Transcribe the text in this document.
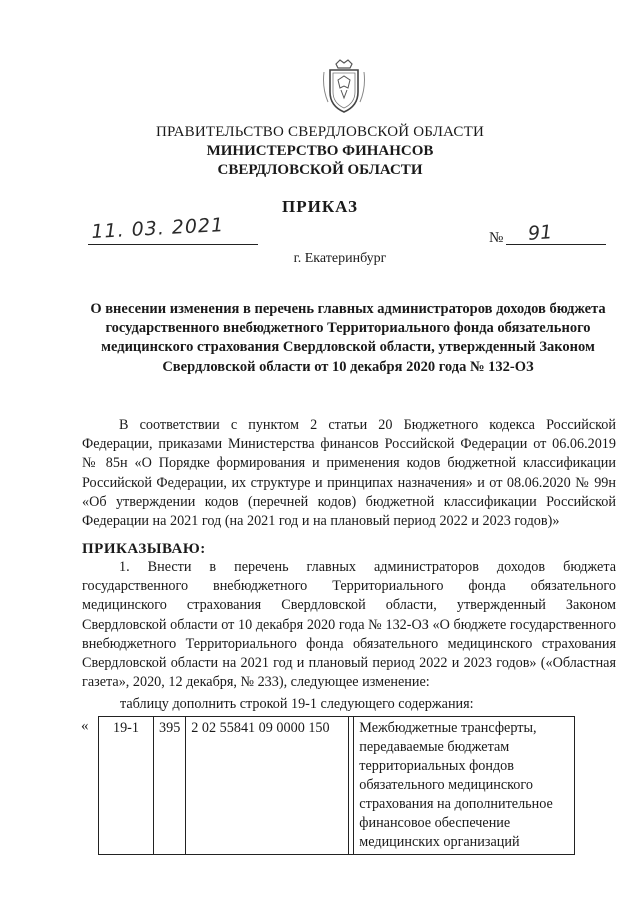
ПРАВИТЕЛЬСТВО СВЕРДЛОВСКОЙ ОБЛАСТИ
МИНИСТЕРСТВО ФИНАНСОВ
СВЕРДЛОВСКОЙ ОБЛАСТИ
ПРИКАЗ
11. 03. 2021	№ 91
г. Екатеринбург
О внесении изменения в перечень главных администраторов доходов бюджета государственного внебюджетного Территориального фонда обязательного медицинского страхования Свердловской области, утвержденный Законом Свердловской области от 10 декабря 2020 года № 132-ОЗ
В соответствии с пунктом 2 статьи 20 Бюджетного кодекса Российской Федерации, приказами Министерства финансов Российской Федерации от 06.06.2019 № 85н «О Порядке формирования и применения кодов бюджетной классификации Российской Федерации, их структуре и принципах назначения» и от 08.06.2020 № 99н «Об утверждении кодов (перечней кодов) бюджетной классификации Российской Федерации на 2021 год (на 2021 год и на плановый период 2022 и 2023 годов)»
ПРИКАЗЫВАЮ:
1. Внести в перечень главных администраторов доходов бюджета государственного внебюджетного Территориального фонда обязательного медицинского страхования Свердловской области, утвержденный Законом Свердловской области от 10 декабря 2020 года № 132-ОЗ «О бюджете государственного внебюджетного Территориального фонда обязательного медицинского страхования Свердловской области на 2021 год и плановый период 2022 и 2023 годов» («Областная газета», 2020, 12 декабря, № 233), следующее изменение:
таблицу дополнить строкой 19-1 следующего содержания:
« 19-1	395	2 02 55841 09 0000 150		Межбюджетные трансферты, передаваемые бюджетам территориальных фондов обязательного медицинского страхования на дополнительное финансовое обеспечение медицинских организаций
